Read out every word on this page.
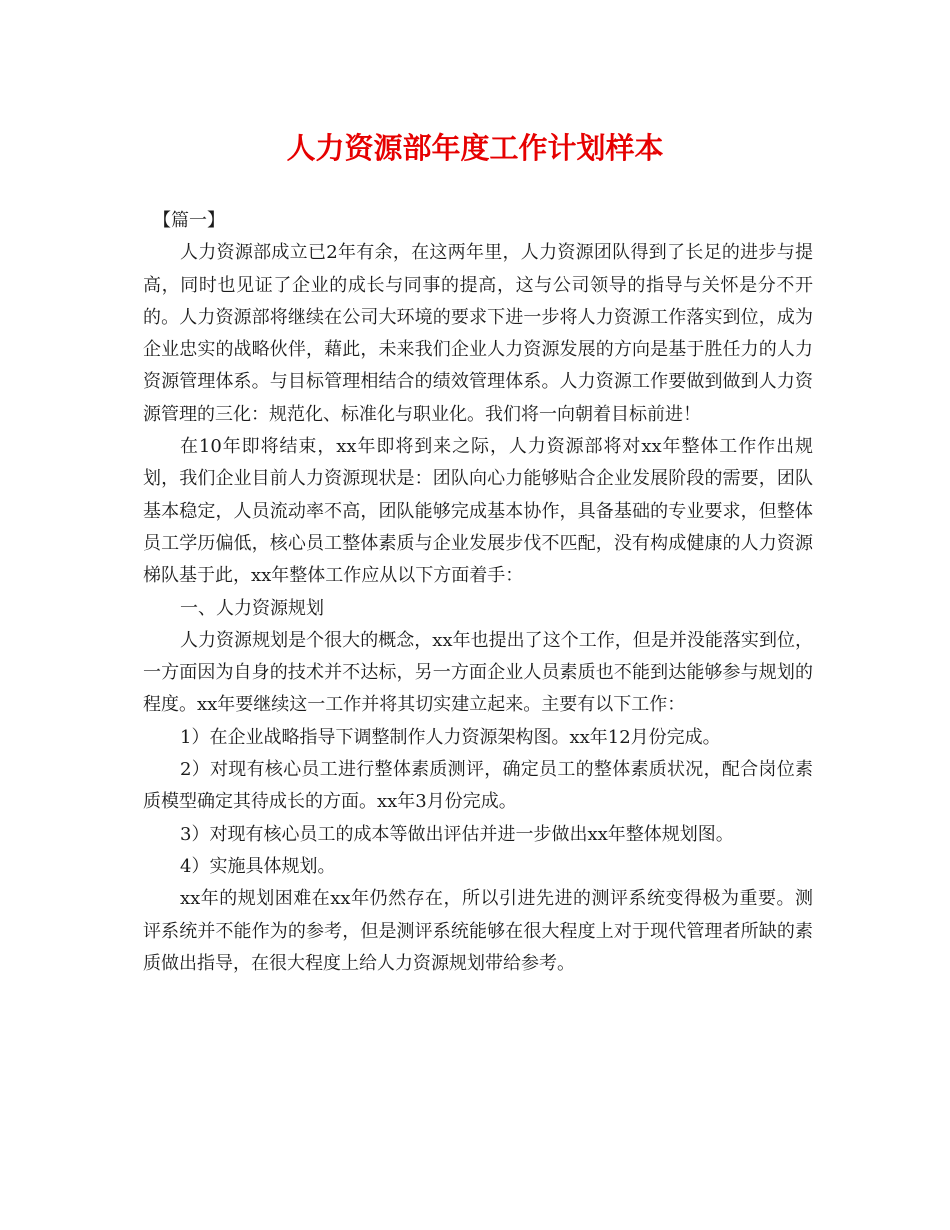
人力资源部年度工作计划样本

【篇一】

人力资源部成立已2年有余，在这两年里，人力资源团队得到了长足的进步与提高，同时也见证了企业的成长与同事的提高，这与公司领导的指导与关怀是分不开的。人力资源部将继续在公司大环境的要求下进一步将人力资源工作落实到位，成为企业忠实的战略伙伴，藉此，未来我们企业人力资源发展的方向是基于胜任力的人力资源管理体系。与目标管理相结合的绩效管理体系。人力资源工作要做到做到人力资源管理的三化：规范化、标准化与职业化。我们将一向朝着目标前进！

在10年即将结束，xx年即将到来之际，人力资源部将对xx年整体工作作出规划，我们企业目前人力资源现状是：团队向心力能够贴合企业发展阶段的需要，团队基本稳定，人员流动率不高，团队能够完成基本协作，具备基础的专业要求，但整体员工学历偏低，核心员工整体素质与企业发展步伐不匹配，没有构成健康的人力资源梯队基于此，xx年整体工作应从以下方面着手：

一、人力资源规划

人力资源规划是个很大的概念，xx年也提出了这个工作，但是并没能落实到位，一方面因为自身的技术并不达标，另一方面企业人员素质也不能到达能够参与规划的程度。xx年要继续这一工作并将其切实建立起来。主要有以下工作：

1）在企业战略指导下调整制作人力资源架构图。xx年12月份完成。

2）对现有核心员工进行整体素质测评，确定员工的整体素质状况，配合岗位素质模型确定其待成长的方面。xx年3月份完成。

3）对现有核心员工的成本等做出评估并进一步做出xx年整体规划图。

4）实施具体规划。

xx年的规划困难在xx年仍然存在，所以引进先进的测评系统变得极为重要。测评系统并不能作为的参考，但是测评系统能够在很大程度上对于现代管理者所缺的素质做出指导，在很大程度上给人力资源规划带给参考。
